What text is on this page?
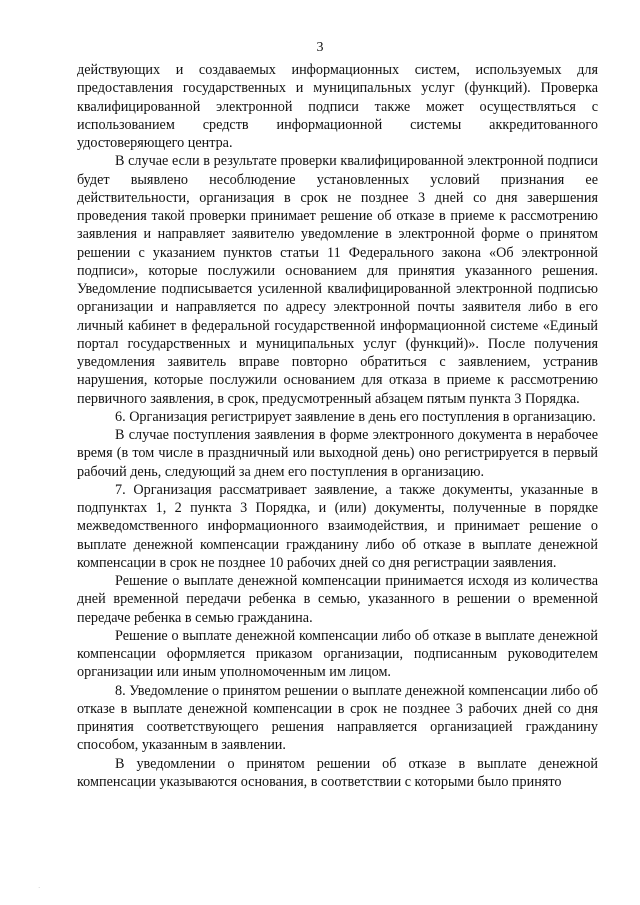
3

действующих и создаваемых информационных систем, используемых для предоставления государственных и муниципальных услуг (функций). Проверка квалифицированной электронной подписи также может осуществляться с использованием средств информационной системы аккредитованного удостоверяющего центра.

В случае если в результате проверки квалифицированной электронной подписи будет выявлено несоблюдение установленных условий признания ее действительности, организация в срок не позднее 3 дней со дня завершения проведения такой проверки принимает решение об отказе в приеме к рассмотрению заявления и направляет заявителю уведомление в электронной форме о принятом решении с указанием пунктов статьи 11 Федерального закона «Об электронной подписи», которые послужили основанием для принятия указанного решения. Уведомление подписывается усиленной квалифицированной электронной подписью организации и направляется по адресу электронной почты заявителя либо в его личный кабинет в федеральной государственной информационной системе «Единый портал государственных и муниципальных услуг (функций)». После получения уведомления заявитель вправе повторно обратиться с заявлением, устранив нарушения, которые послужили основанием для отказа в приеме к рассмотрению первичного заявления, в срок, предусмотренный абзацем пятым пункта 3 Порядка.

6. Организация регистрирует заявление в день его поступления в организацию.

В случае поступления заявления в форме электронного документа в нерабочее время (в том числе в праздничный или выходной день) оно регистрируется в первый рабочий день, следующий за днем его поступления в организацию.

7. Организация рассматривает заявление, а также документы, указанные в подпунктах 1, 2 пункта 3 Порядка, и (или) документы, полученные в порядке межведомственного информационного взаимодействия, и принимает решение о выплате денежной компенсации гражданину либо об отказе в выплате денежной компенсации в срок не позднее 10 рабочих дней со дня регистрации заявления.

Решение о выплате денежной компенсации принимается исходя из количества дней временной передачи ребенка в семью, указанного в решении о временной передаче ребенка в семью гражданина.

Решение о выплате денежной компенсации либо об отказе в выплате денежной компенсации оформляется приказом организации, подписанным руководителем организации или иным уполномоченным им лицом.

8. Уведомление о принятом решении о выплате денежной компенсации либо об отказе в выплате денежной компенсации в срок не позднее 3 рабочих дней со дня принятия соответствующего решения направляется организацией гражданину способом, указанным в заявлении.

В уведомлении о принятом решении об отказе в выплате денежной компенсации указываются основания, в соответствии с которыми было принято

·
